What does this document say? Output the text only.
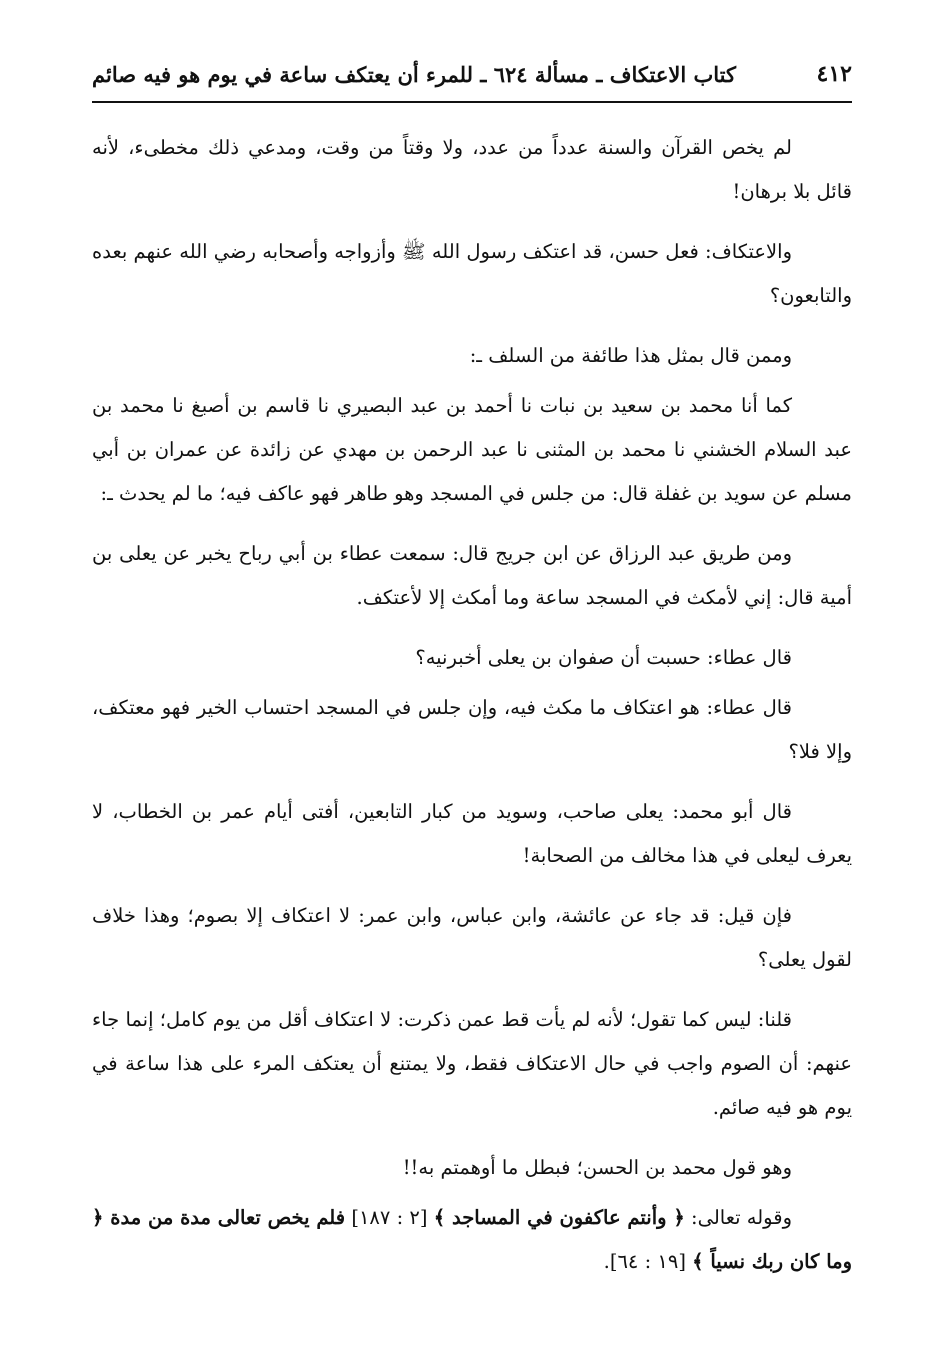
٤١٢
كتاب الاعتكاف ـ مسألة ٦٢٤ ـ للمرء أن يعتكف ساعة في يوم هو فيه صائم

لم يخص القرآن والسنة عدداً من عدد، ولا وقتاً من وقت، ومدعي ذلك مخطىء، لأنه قائل بلا برهان!

والاعتكاف: فعل حسن، قد اعتكف رسول الله ﷺ وأزواجه وأصحابه رضي الله عنهم بعده والتابعون؟

وممن قال بمثل هذا طائفة من السلف ـ:

كما أنا محمد بن سعيد بن نبات نا أحمد بن عبد البصيري نا قاسم بن أصبغ نا محمد بن عبد السلام الخشني نا محمد بن المثنى نا عبد الرحمن بن مهدي عن زائدة عن عمران بن أبي مسلم عن سويد بن غفلة قال: من جلس في المسجد وهو طاهر فهو عاكف فيه؛ ما لم يحدث ـ:

ومن طريق عبد الرزاق عن ابن جريج قال: سمعت عطاء بن أبي رباح يخبر عن يعلى بن أمية قال: إني لأمكث في المسجد ساعة وما أمكث إلا لأعتكف.

قال عطاء: حسبت أن صفوان بن يعلى أخبرنيه؟

قال عطاء: هو اعتكاف ما مكث فيه، وإن جلس في المسجد احتساب الخير فهو معتكف، وإلا فلا؟

قال أبو محمد: يعلى صاحب، وسويد من كبار التابعين، أفتى أيام عمر بن الخطاب، لا يعرف ليعلى في هذا مخالف من الصحابة!

فإن قيل: قد جاء عن عائشة، وابن عباس، وابن عمر: لا اعتكاف إلا بصوم؛ وهذا خلاف لقول يعلى؟

قلنا: ليس كما تقول؛ لأنه لم يأت قط عمن ذكرت: لا اعتكاف أقل من يوم كامل؛ إنما جاء عنهم: أن الصوم واجب في حال الاعتكاف فقط، ولا يمتنع أن يعتكف المرء على هذا ساعة في يوم هو فيه صائم.

وهو قول محمد بن الحسن؛ فبطل ما أوهمتم به!!

وقوله تعالى: ﴿ وأنتم عاكفون في المساجد ﴾ [٢ : ١٨٧] فلم يخص تعالى مدة من مدة ﴿ وما كان ربك نسياً ﴾ [١٩ : ٦٤].
